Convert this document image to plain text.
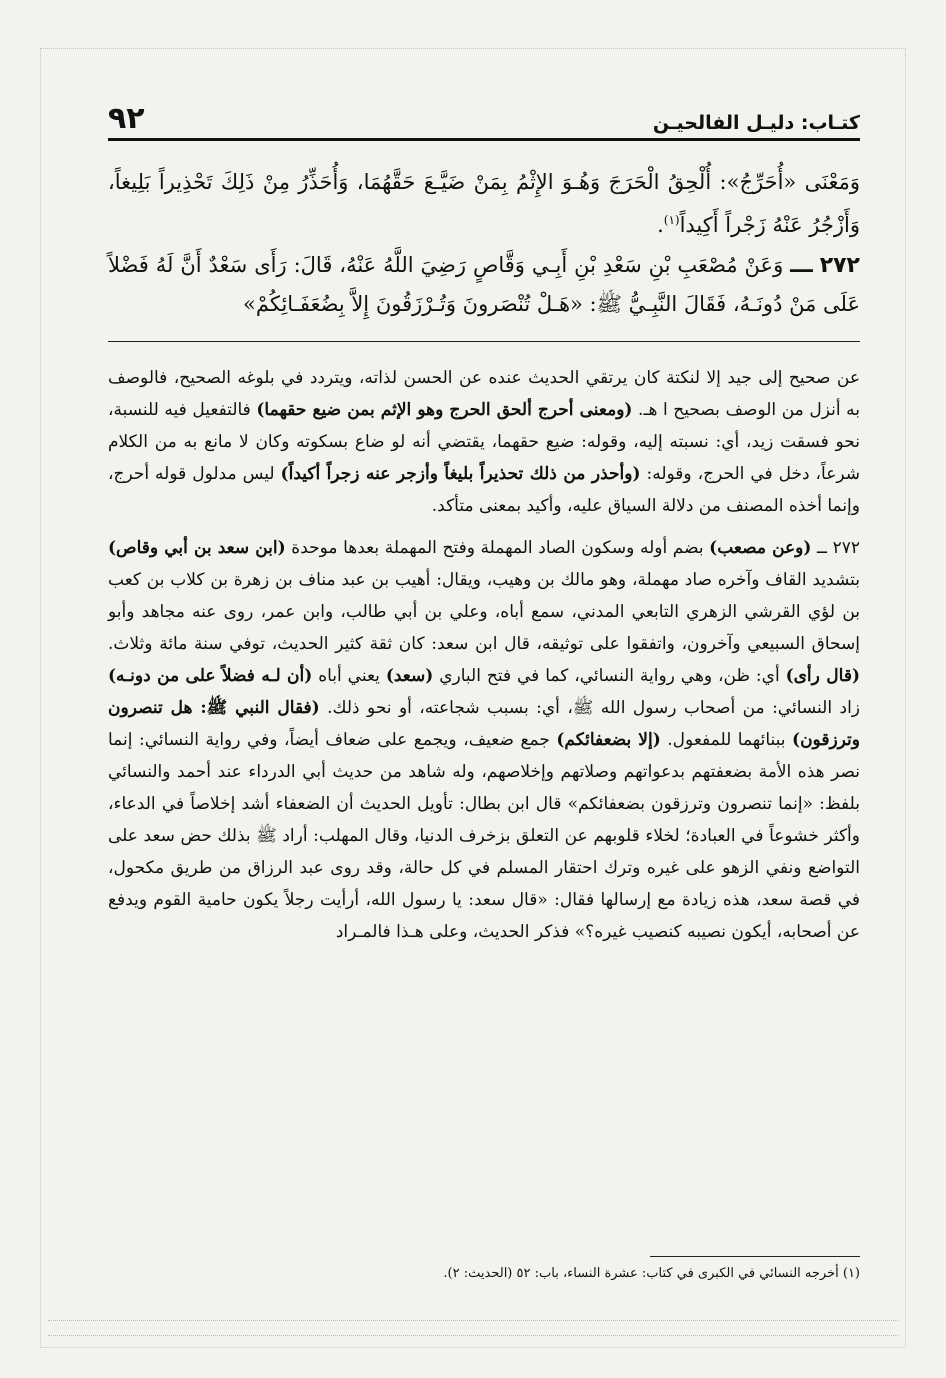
كتـاب: دليـل الفالحيـن
٩٢

وَمَعْنَى «أُحَرِّجُ»: أُلْحِقُ الْحَرَجَ وَهُـوَ الإِثْمُ بِمَنْ ضَيَّـعَ حَقَّهُمَا، وَأُحَذِّرُ مِنْ ذَلِكَ تَحْذِيراً بَلِيغاً، وَأَزْجُرُ عَنْهُ زَجْراً أَكِيداً$^{(١)}$.

٢٧٢ ـــ وَعَنْ مُصْعَبِ بْنِ سَعْدِ بْنِ أَبِـي وَقَّاصٍ رَضِيَ اللَّهُ عَنْهُ، قَالَ: رَأَى سَعْدٌ أَنَّ لَهُ فَضْلاً عَلَى مَنْ دُونَـهُ، فَقَالَ النَّبِـيُّ ﷺ: «هَـلْ تُنْصَرونَ وَتُـرْزَقُونَ إِلاَّ بِضُعَفَـائِكُمْ»

عن صحيح إلى جيد إلا لنكتة كان يرتقي الحديث عنده عن الحسن لذاته، ويتردد في بلوغه الصحيح، فالوصف به أنزل من الوصف بصحيح ا هـ. (ومعنى أحرج ألحق الحرج وهو الإثم بمن ضيع حقهما) فالتفعيل فيه للنسبة، نحو فسقت زيد، أي: نسبته إليه، وقوله: ضيع حقهما، يقتضي أنه لو ضاع بسكوته وكان لا مانع به من الكلام شرعاً، دخل في الحرج، وقوله: (وأحذر من ذلك تحذيراً بليغاً وأزجر عنه زجراً أكيداً) ليس مدلول قوله أحرج، وإنما أخذه المصنف من دلالة السياق عليه، وأكيد بمعنى متأكد.

٢٧٢ ــ (وعن مصعب) بضم أوله وسكون الصاد المهملة وفتح المهملة بعدها موحدة (ابن سعد بن أبي وقاص) بتشديد القاف وآخره صاد مهملة، وهو مالك بن وهيب، ويقال: أهيب بن عبد مناف بن زهرة بن كلاب بن كعب بن لؤي القرشي الزهري التابعي المدني، سمع أباه، وعلي بن أبي طالب، وابن عمر، روى عنه مجاهد وأبو إسحاق السبيعي وآخرون، واتفقوا على توثيقه، قال ابن سعد: كان ثقة كثير الحديث، توفي سنة مائة وثلاث. (قال رأى) أي: ظن، وهي رواية النسائي، كما في فتح الباري (سعد) يعني أباه (أن لـه فضلاً على من دونـه) زاد النسائي: من أصحاب رسول الله ﷺ، أي: بسبب شجاعته، أو نحو ذلك. (فقال النبي ﷺ: هل تنصرون وترزقون) ببنائهما للمفعول. (إلا بضعفائكم) جمع ضعيف، ويجمع على ضعاف أيضاً، وفي رواية النسائي: إنما نصر هذه الأمة بضعفتهم بدعواتهم وصلاتهم وإخلاصهم، وله شاهد من حديث أبي الدرداء عند أحمد والنسائي بلفظ: «إنما تنصرون وترزقون بضعفائكم» قال ابن بطال: تأويل الحديث أن الضعفاء أشد إخلاصاً في الدعاء، وأكثر خشوعاً في العبادة؛ لخلاء قلوبهم عن التعلق بزخرف الدنيا، وقال المهلب: أراد ﷺ بذلك حض سعد على التواضع ونفي الزهو على غيره وترك احتقار المسلم في كل حالة، وقد روى عبد الرزاق من طريق مكحول، في قصة سعد، هذه زيادة مع إرسالها فقال: «قال سعد: يا رسول الله، أرأيت رجلاً يكون حامية القوم ويدفع عن أصحابه، أيكون نصيبه كنصيب غيره؟» فذكر الحديث، وعلى هـذا فالمـراد

(١) أخرجه النسائي في الكبرى في كتاب: عشرة النساء، باب: ٥٢ (الحديث: ٢).
